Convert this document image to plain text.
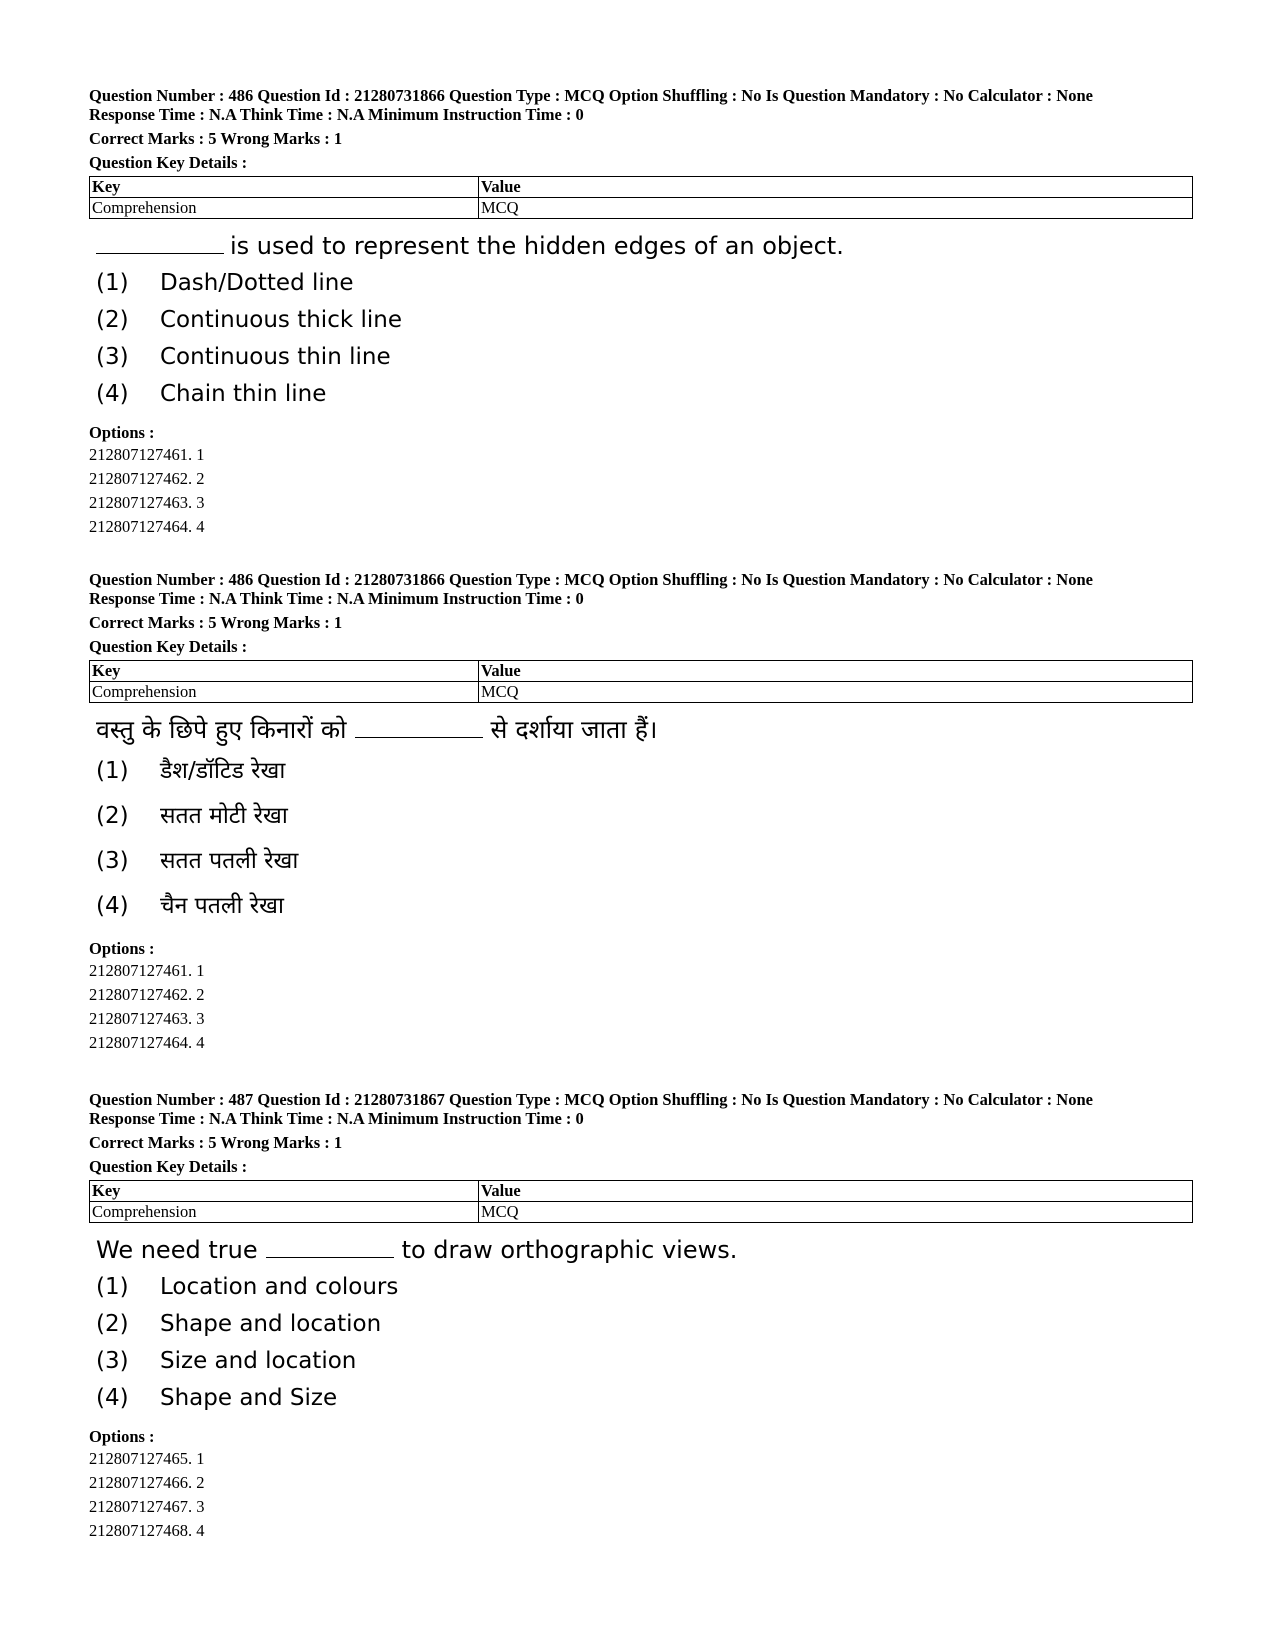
Question Number : 486 Question Id : 21280731866 Question Type : MCQ Option Shuffling : No Is Question Mandatory : No Calculator : None

Response Time : N.A Think Time : N.A Minimum Instruction Time : 0

Correct Marks : 5 Wrong Marks : 1

Question Key Details :

Key	Value
Comprehension	MCQ
is used to represent the hidden edges of an object.
(1) Dash/Dotted line
(2) Continuous thick line
(3) Continuous thin line
(4) Chain thin line
Options :

212807127461. 1

212807127462. 2

212807127463. 3

212807127464. 4

Question Number : 486 Question Id : 21280731866 Question Type : MCQ Option Shuffling : No Is Question Mandatory : No Calculator : None

Response Time : N.A Think Time : N.A Minimum Instruction Time : 0

Correct Marks : 5 Wrong Marks : 1

Question Key Details :

Key	Value
Comprehension	MCQ
वस्तु के छिपे हुए किनारों को	से दर्शाया जाता हैं।
(1) डैश/डॉटिड रेखा
(2) सतत मोटी रेखा
(3) सतत पतली रेखा
(4) चैन पतली रेखा
Options :

212807127461. 1

212807127462. 2

212807127463. 3

212807127464. 4

Question Number : 487 Question Id : 21280731867 Question Type : MCQ Option Shuffling : No Is Question Mandatory : No Calculator : None

Response Time : N.A Think Time : N.A Minimum Instruction Time : 0

Correct Marks : 5 Wrong Marks : 1

Question Key Details :

Key	Value
Comprehension	MCQ
We need true	to draw orthographic views.
(1) Location and colours
(2) Shape and location
(3) Size and location
(4) Shape and Size
Options :

212807127465. 1

212807127466. 2

212807127467. 3

212807127468. 4
